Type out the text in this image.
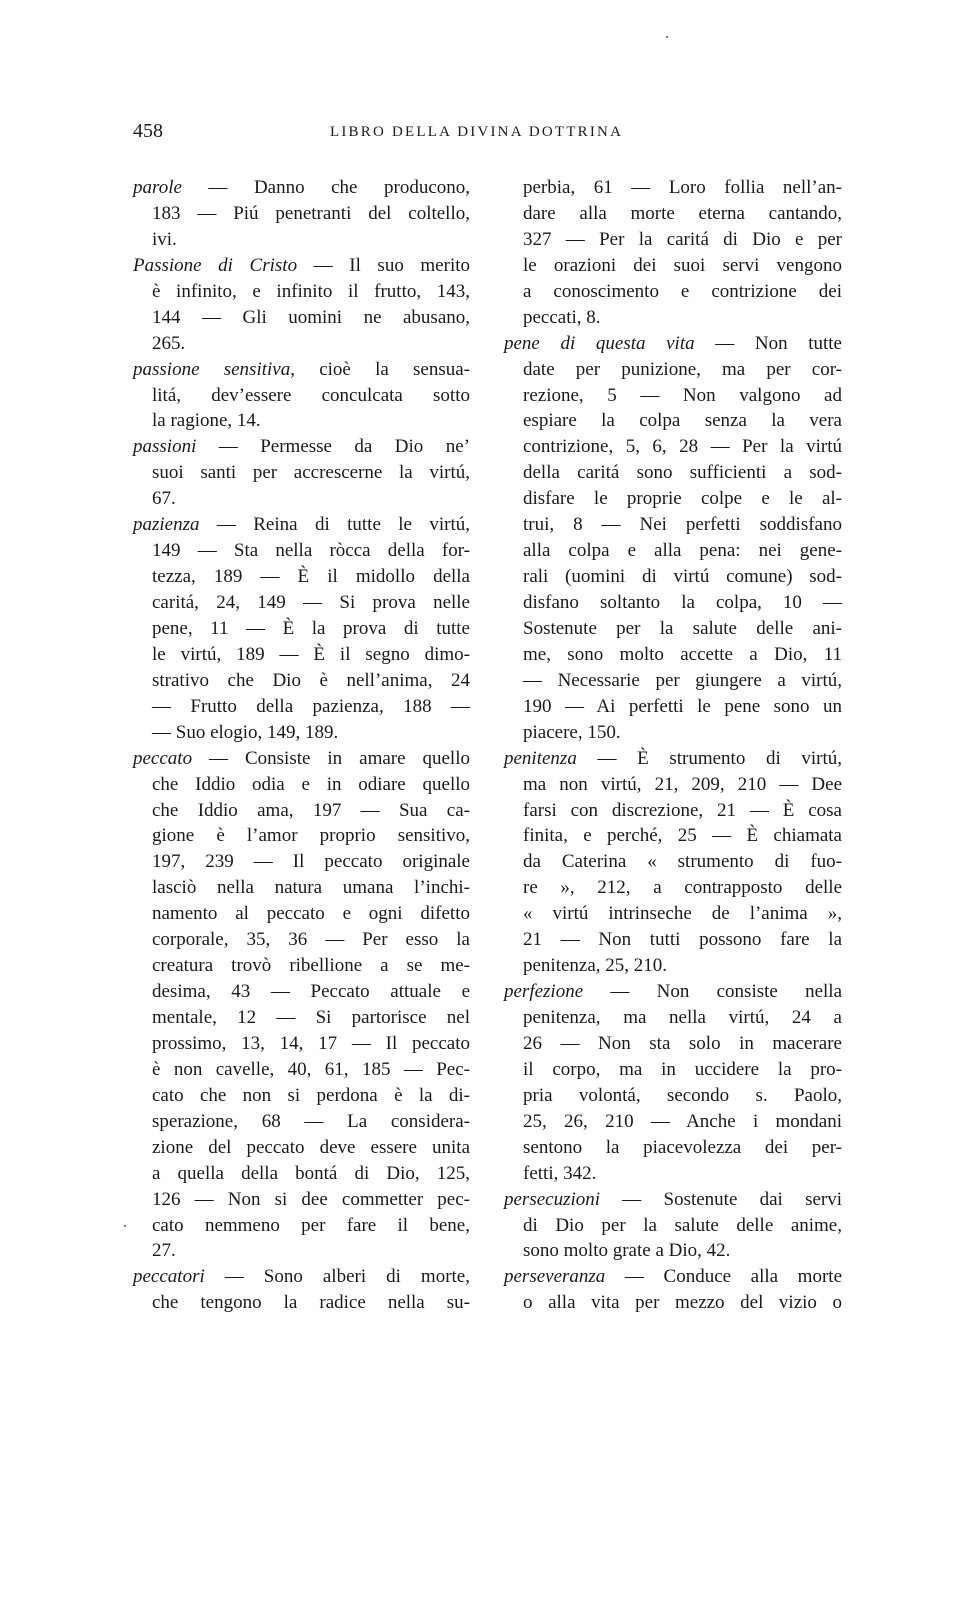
458	LIBRO DELLA DIVINA DOTTRINA
parole — Danno che producono,
183 — Piú penetranti del coltello,
ivi.
Passione di Cristo — Il suo merito
è infinito, e infinito il frutto, 143,
144 — Gli uomini ne abusano,
265.
passione sensitiva, cioè la sensua-
litá, dev’essere conculcata sotto
la ragione, 14.
passioni — Permesse da Dio ne’
suoi santi per accrescerne la virtú,
67.
pazienza — Reina di tutte le virtú,
149 — Sta nella ròcca della for-
tezza, 189 — È il midollo della
caritá, 24, 149 — Si prova nelle
pene, 11 — È la prova di tutte
le virtú, 189 — È il segno dimo-
strativo che Dio è nell’anima, 24
— Frutto della pazienza, 188 —
— Suo elogio, 149, 189.
peccato — Consiste in amare quello
che Iddio odia e in odiare quello
che Iddio ama, 197 — Sua ca-
gione è l’amor proprio sensitivo,
197, 239 — Il peccato originale
lasciò nella natura umana l’inchi-
namento al peccato e ogni difetto
corporale, 35, 36 — Per esso la
creatura trovò ribellione a se me-
desima, 43 — Peccato attuale e
mentale, 12 — Si partorisce nel
prossimo, 13, 14, 17 — Il peccato
è non cavelle, 40, 61, 185 — Pec-
cato che non si perdona è la di-
sperazione, 68 — La considera-
zione del peccato deve essere unita
a quella della bontá di Dio, 125,
126 — Non si dee commetter pec-
cato nemmeno per fare il bene,
27.
peccatori — Sono alberi di morte,
che tengono la radice nella su-
perbia, 61 — Loro follia nell’an-
dare alla morte eterna cantando,
327 — Per la caritá di Dio e per
le orazioni dei suoi servi vengono
a conoscimento e contrizione dei
peccati, 8.
pene di questa vita — Non tutte
date per punizione, ma per cor-
rezione, 5 — Non valgono ad
espiare la colpa senza la vera
contrizione, 5, 6, 28 — Per la virtú
della caritá sono sufficienti a sod-
disfare le proprie colpe e le al-
trui, 8 — Nei perfetti soddisfano
alla colpa e alla pena: nei gene-
rali (uomini di virtú comune) sod-
disfano soltanto la colpa, 10 —
Sostenute per la salute delle ani-
me, sono molto accette a Dio, 11
— Necessarie per giungere a virtú,
190 — Ai perfetti le pene sono un
piacere, 150.
penitenza — È strumento di virtú,
ma non virtú, 21, 209, 210 — Dee
farsi con discrezione, 21 — È cosa
finita, e perché, 25 — È chiamata
da Caterina « strumento di fuo-
re », 212, a contrapposto delle
« virtú intrinseche de l’anima »,
21 — Non tutti possono fare la
penitenza, 25, 210.
perfezione — Non consiste nella
penitenza, ma nella virtú, 24 a
26 — Non sta solo in macerare
il corpo, ma in uccidere la pro-
pria volontá, secondo s. Paolo,
25, 26, 210 — Anche i mondani
sentono la piacevolezza dei per-
fetti, 342.
persecuzioni — Sostenute dai servi
di Dio per la salute delle anime,
sono molto grate a Dio, 42.
perseveranza — Conduce alla morte
o alla vita per mezzo del vizio o
